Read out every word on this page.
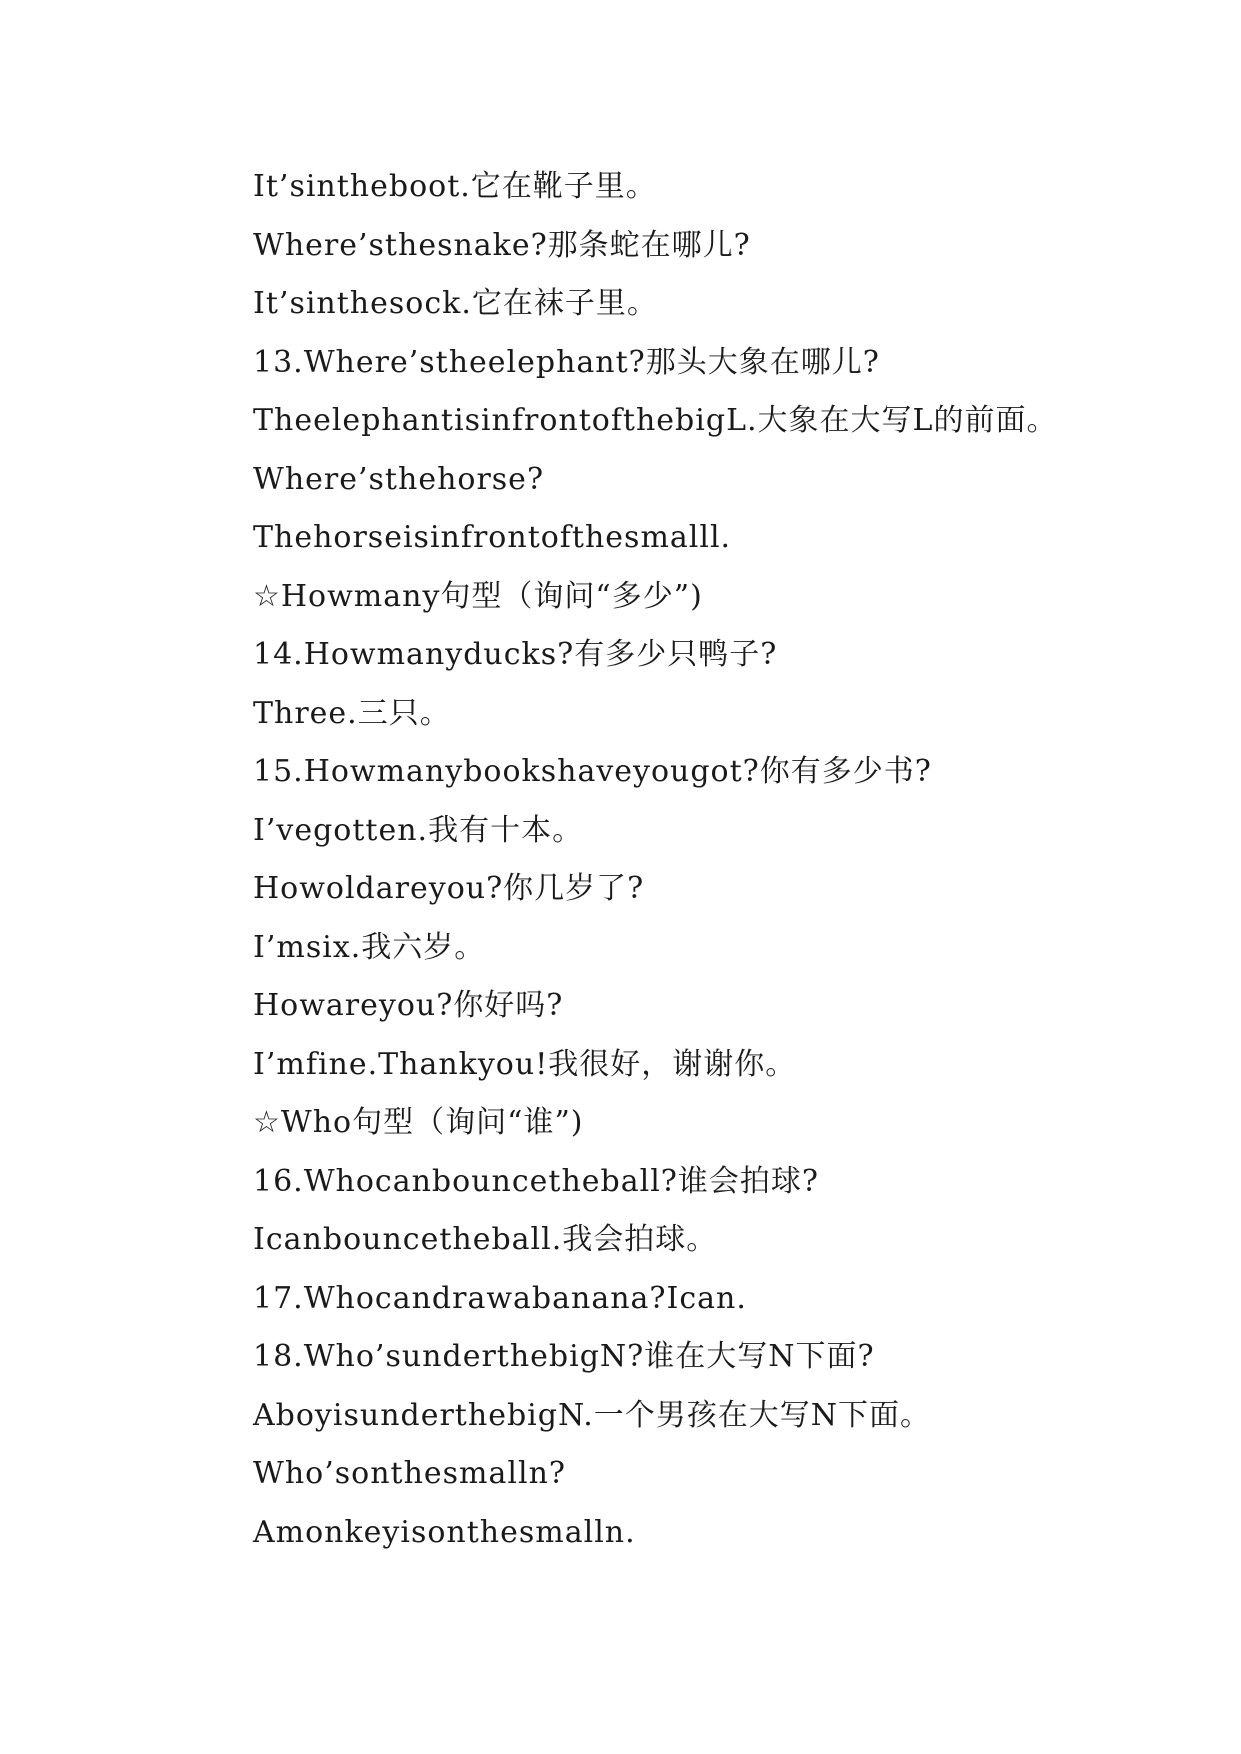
It’sintheboot.它在靴子里。
Where’sthesnake?那条蛇在哪儿?
It’sinthesock.它在袜子里。
13.Where’stheelephant?那头大象在哪儿?
TheelephantisinfrontofthebigL.大象在大写L的前面。
Where’sthehorse?
Thehorseisinfrontofthesmalll.
☆Howmany句型（询问“多少”)
14.Howmanyducks?有多少只鸭子?
Three.三只。
15.Howmanybookshaveyougot?你有多少书?
I’vegotten.我有十本。
Howoldareyou?你几岁了?
I’msix.我六岁。
Howareyou?你好吗?
I’mfine.Thankyou!我很好，谢谢你。
☆Who句型（询问“谁”)
16.Whocanbouncetheball?谁会拍球?
Icanbouncetheball.我会拍球。
17.Whocandrawabanana?Ican.
18.Who’sunderthebigN?谁在大写N下面?
AboyisunderthebigN.一个男孩在大写N下面。
Who’sonthesmalln?
Amonkeyisonthesmalln.
